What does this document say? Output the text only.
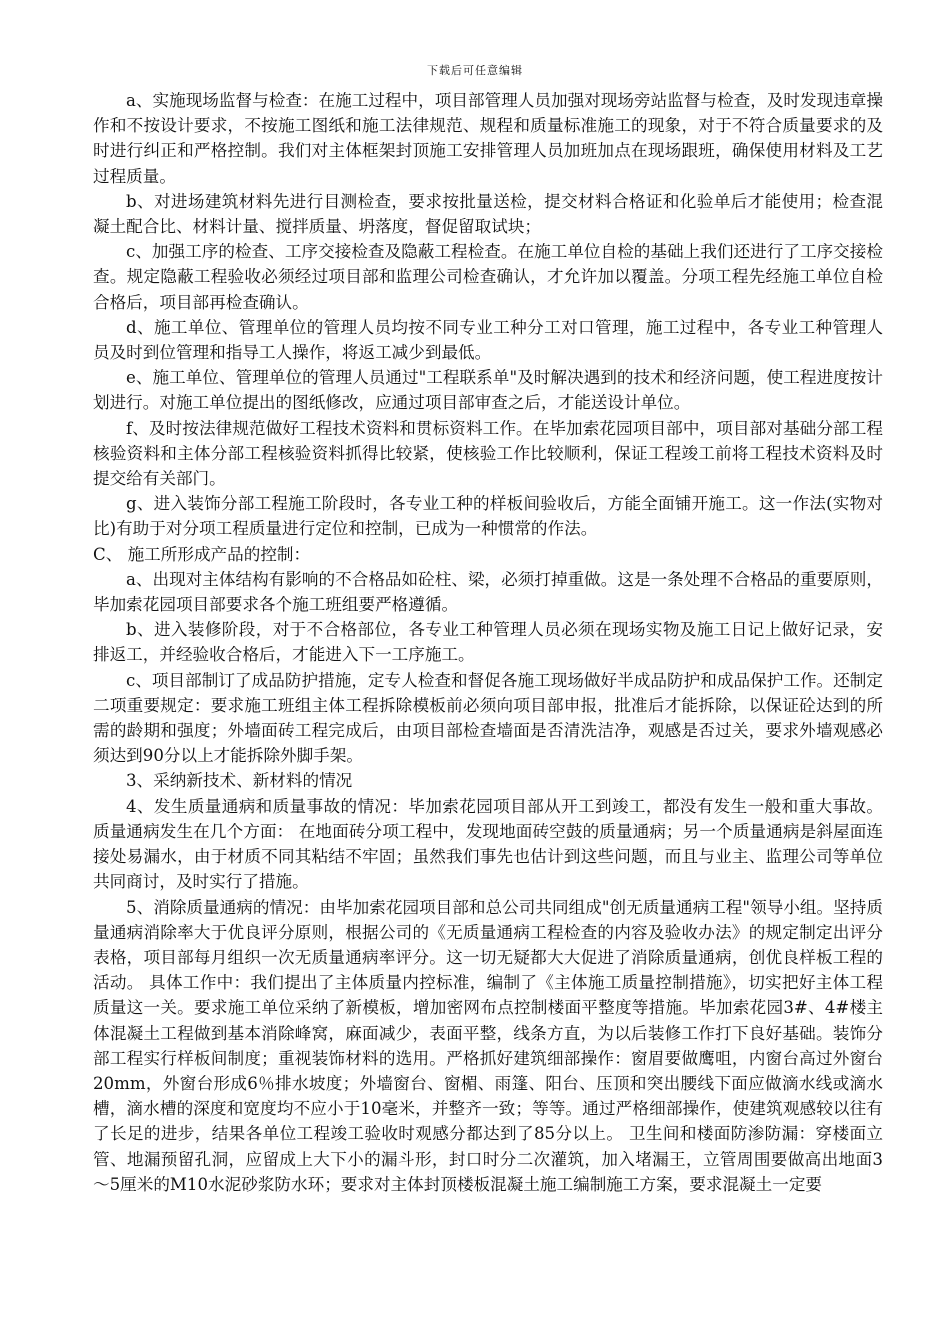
下载后可任意编辑

a、实施现场监督与检查：在施工过程中，项目部管理人员加强对现场旁站监督与检查，及时发现违章操作和不按设计要求，不按施工图纸和施工法律规范、规程和质量标准施工的现象，对于不符合质量要求的及时进行纠正和严格控制。我们对主体框架封顶施工安排管理人员加班加点在现场跟班，确保使用材料及工艺过程质量。

b、对进场建筑材料先进行目测检查，要求按批量送检，提交材料合格证和化验单后才能使用；检查混凝土配合比、材料计量、搅拌质量、坍落度，督促留取试块；

c、加强工序的检查、工序交接检查及隐蔽工程检查。在施工单位自检的基础上我们还进行了工序交接检查。规定隐蔽工程验收必须经过项目部和监理公司检查确认，才允许加以覆盖。分项工程先经施工单位自检合格后，项目部再检查确认。

d、施工单位、管理单位的管理人员均按不同专业工种分工对口管理，施工过程中，各专业工种管理人员及时到位管理和指导工人操作，将返工减少到最低。

e、施工单位、管理单位的管理人员通过"工程联系单"及时解决遇到的技术和经济问题，使工程进度按计划进行。对施工单位提出的图纸修改，应通过项目部审查之后，才能送设计单位。

f、及时按法律规范做好工程技术资料和贯标资料工作。在毕加索花园项目部中，项目部对基础分部工程核验资料和主体分部工程核验资料抓得比较紧，使核验工作比较顺利，保证工程竣工前将工程技术资料及时提交给有关部门。

g、进入装饰分部工程施工阶段时，各专业工种的样板间验收后，方能全面铺开施工。这一作法(实物对比)有助于对分项工程质量进行定位和控制，已成为一种惯常的作法。

C、 施工所形成产品的控制：

a、出现对主体结构有影响的不合格品如砼柱、梁，必须打掉重做。这是一条处理不合格品的重要原则，毕加索花园项目部要求各个施工班组要严格遵循。

b、进入装修阶段，对于不合格部位，各专业工种管理人员必须在现场实物及施工日记上做好记录，安排返工，并经验收合格后，才能进入下一工序施工。

c、项目部制订了成品防护措施，定专人检查和督促各施工现场做好半成品防护和成品保护工作。还制定二项重要规定：要求施工班组主体工程拆除模板前必须向项目部申报，批准后才能拆除，以保证砼达到的所需的龄期和强度；外墙面砖工程完成后，由项目部检查墙面是否清洗洁净，观感是否过关，要求外墙观感必须达到90分以上才能拆除外脚手架。

3、采纳新技术、新材料的情况

4、发生质量通病和质量事故的情况：毕加索花园项目部从开工到竣工，都没有发生一般和重大事故。 质量通病发生在几个方面： 在地面砖分项工程中，发现地面砖空鼓的质量通病；另一个质量通病是斜屋面连接处易漏水，由于材质不同其粘结不牢固；虽然我们事先也估计到这些问题，而且与业主、监理公司等单位共同商讨，及时实行了措施。

5、消除质量通病的情况：由毕加索花园项目部和总公司共同组成"创无质量通病工程"领导小组。坚持质量通病消除率大于优良评分原则，根据公司的《无质量通病工程检查的内容及验收办法》的规定制定出评分表格，项目部每月组织一次无质量通病率评分。这一切无疑都大大促进了消除质量通病，创优良样板工程的活动。 具体工作中：我们提出了主体质量内控标准，编制了《主体施工质量控制措施》，切实把好主体工程质量这一关。要求施工单位采纳了新模板，增加密网布点控制楼面平整度等措施。毕加索花园3#、4#楼主体混凝土工程做到基本消除峰窝，麻面减少，表面平整，线条方直，为以后装修工作打下良好基础。装饰分部工程实行样板间制度；重视装饰材料的选用。严格抓好建筑细部操作：窗眉要做鹰咀，内窗台高过外窗台20mm，外窗台形成6％排水坡度；外墙窗台、窗楣、雨篷、阳台、压顶和突出腰线下面应做滴水线或滴水槽，滴水槽的深度和宽度均不应小于10毫米，并整齐一致；等等。通过严格细部操作，使建筑观感较以往有了长足的进步，结果各单位工程竣工验收时观感分都达到了85分以上。 卫生间和楼面防渗防漏：穿楼面立管、地漏预留孔洞，应留成上大下小的漏斗形，封口时分二次灌筑，加入堵漏王，立管周围要做高出地面3～5厘米的M10水泥砂浆防水环；要求对主体封顶楼板混凝土施工编制施工方案，要求混凝土一定要
